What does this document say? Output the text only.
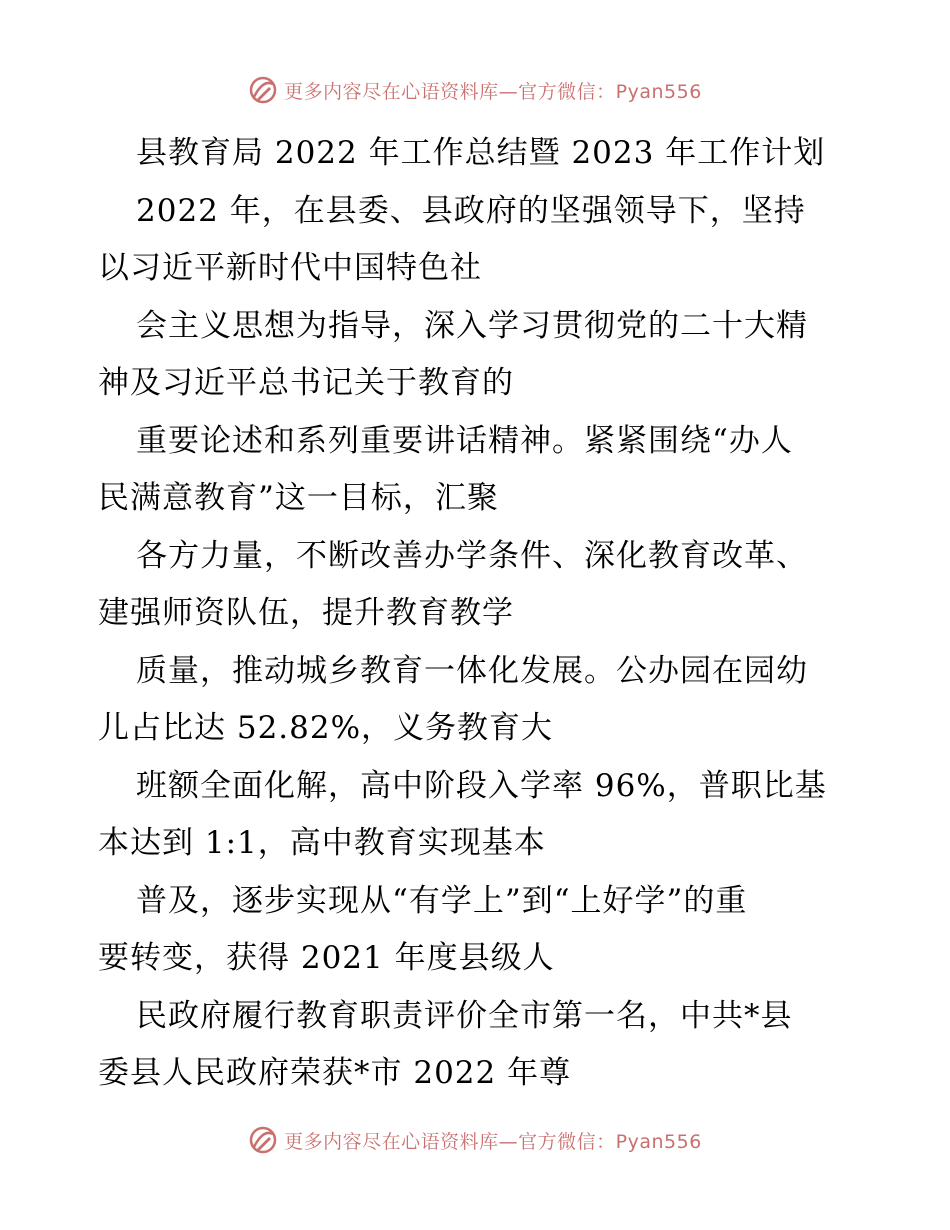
更多内容尽在心语资料库—官方微信：Pyan556
县教育局 2022 年工作总结暨 2023 年工作计划
2022 年，在县委、县政府的坚强领导下，坚持
以习近平新时代中国特色社
会主义思想为指导，深入学习贯彻党的二十大精
神及习近平总书记关于教育的
重要论述和系列重要讲话精神。紧紧围绕“办人
民满意教育”这一目标，汇聚
各方力量，不断改善办学条件、深化教育改革、
建强师资队伍，提升教育教学
质量，推动城乡教育一体化发展。公办园在园幼
儿占比达 52.82%，义务教育大
班额全面化解，高中阶段入学率 96%，普职比基
本达到 1:1，高中教育实现基本
普及，逐步实现从“有学上”到“上好学”的重
要转变，获得 2021 年度县级人
民政府履行教育职责评价全市第一名，中共*县
委县人民政府荣获*市 2022 年尊
更多内容尽在心语资料库—官方微信：Pyan556
